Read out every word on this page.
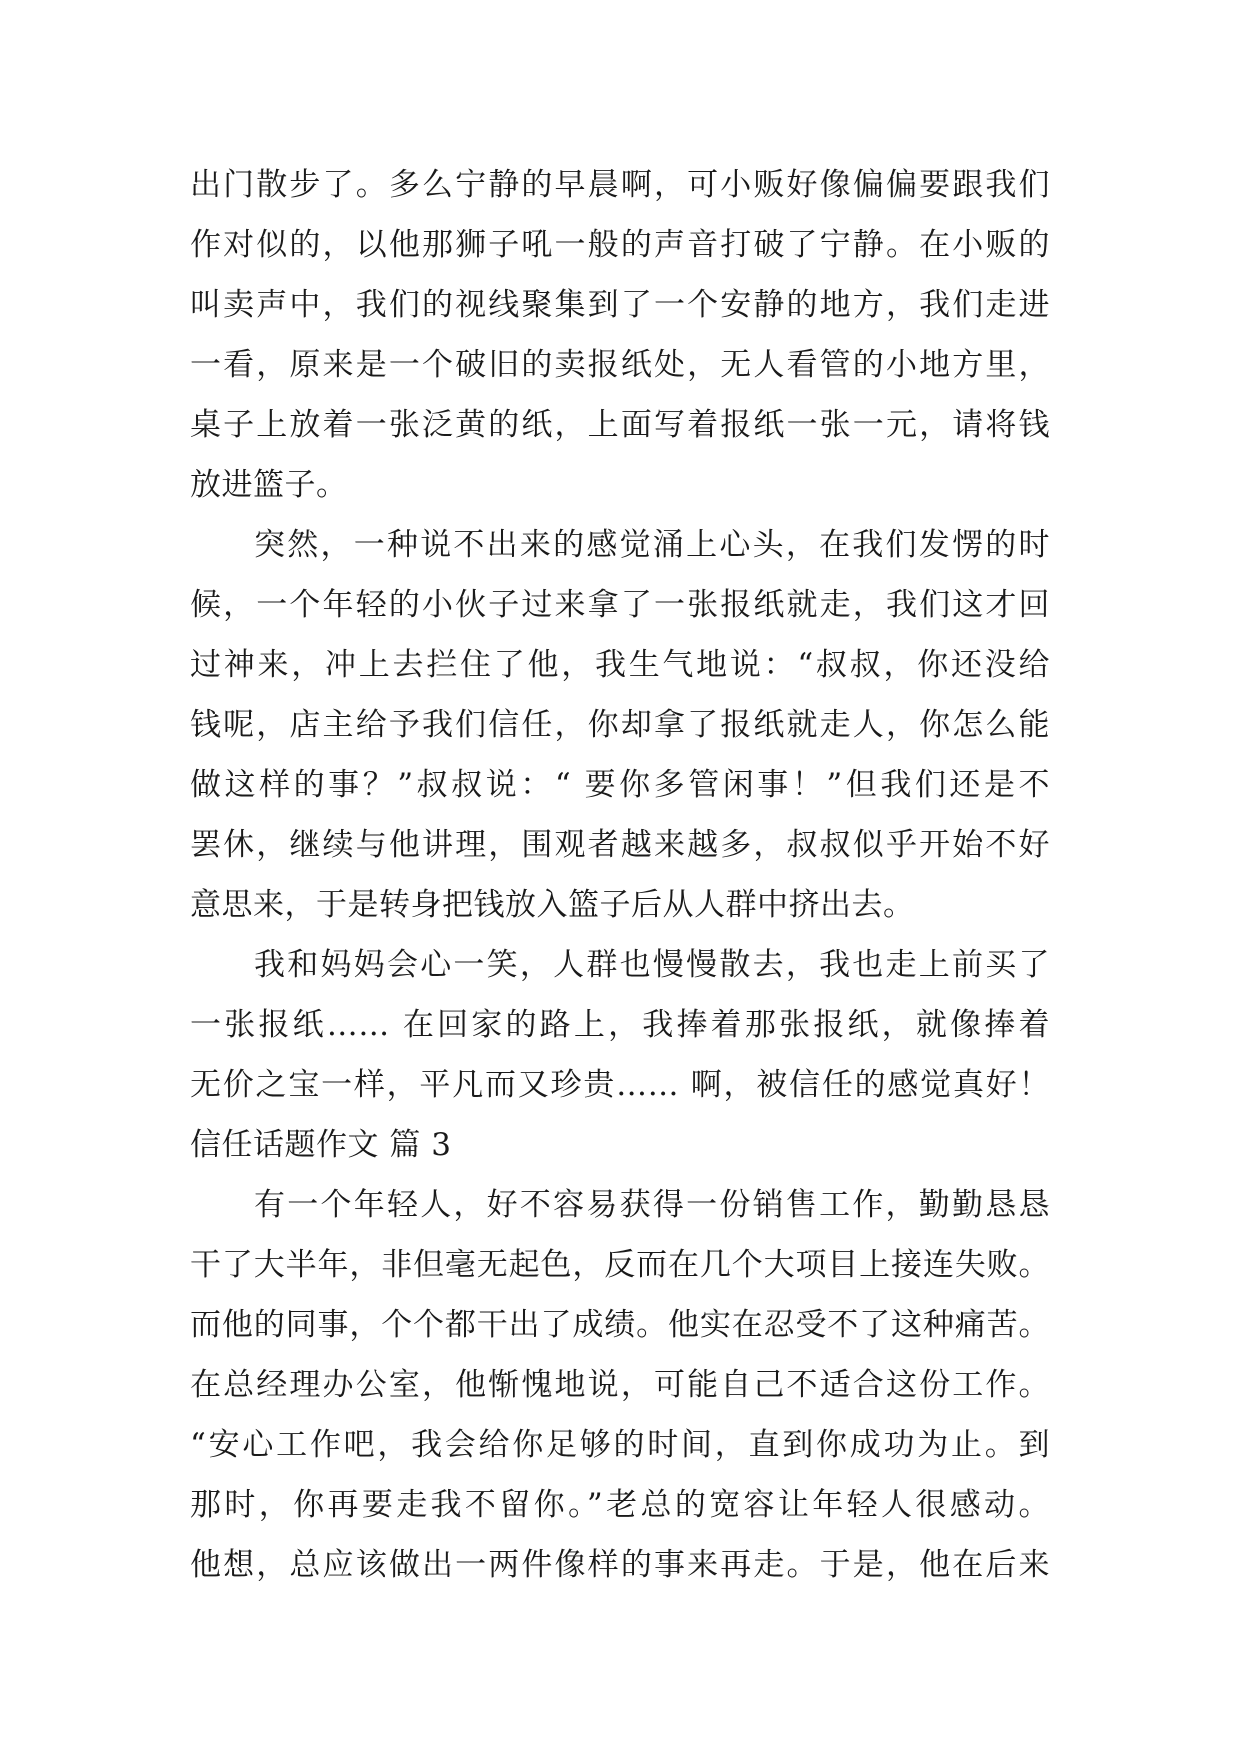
出门散步了。多么宁静的早晨啊，可小贩好像偏偏要跟我们
作对似的，以他那狮子吼一般的声音打破了宁静。在小贩的
叫卖声中，我们的视线聚集到了一个安静的地方，我们走进
一看，原来是一个破旧的卖报纸处，无人看管的小地方里，
桌子上放着一张泛黄的纸，上面写着报纸一张一元，请将钱
放进篮子。
突然，一种说不出来的感觉涌上心头，在我们发愣的时
候，一个年轻的小伙子过来拿了一张报纸就走，我们这才回
过神来，冲上去拦住了他，我生气地说：“叔叔，你还没给
钱呢，店主给予我们信任，你却拿了报纸就走人，你怎么能
做这样的事？”叔叔说：“ 要你多管闲事！”但我们还是不
罢休，继续与他讲理，围观者越来越多，叔叔似乎开始不好
意思来，于是转身把钱放入篮子后从人群中挤出去。
我和妈妈会心一笑，人群也慢慢散去，我也走上前买了
一张报纸…… 在回家的路上，我捧着那张报纸，就像捧着
无价之宝一样，平凡而又珍贵…… 啊，被信任的感觉真好！
信任话题作文 篇 3
有一个年轻人，好不容易获得一份销售工作，勤勤恳恳
干了大半年，非但毫无起色，反而在几个大项目上接连失败。
而他的同事，个个都干出了成绩。他实在忍受不了这种痛苦。
在总经理办公室，他惭愧地说，可能自己不适合这份工作。
“安心工作吧，我会给你足够的时间，直到你成功为止。到
那时，你再要走我不留你。”老总的宽容让年轻人很感动。
他想，总应该做出一两件像样的事来再走。于是，他在后来
